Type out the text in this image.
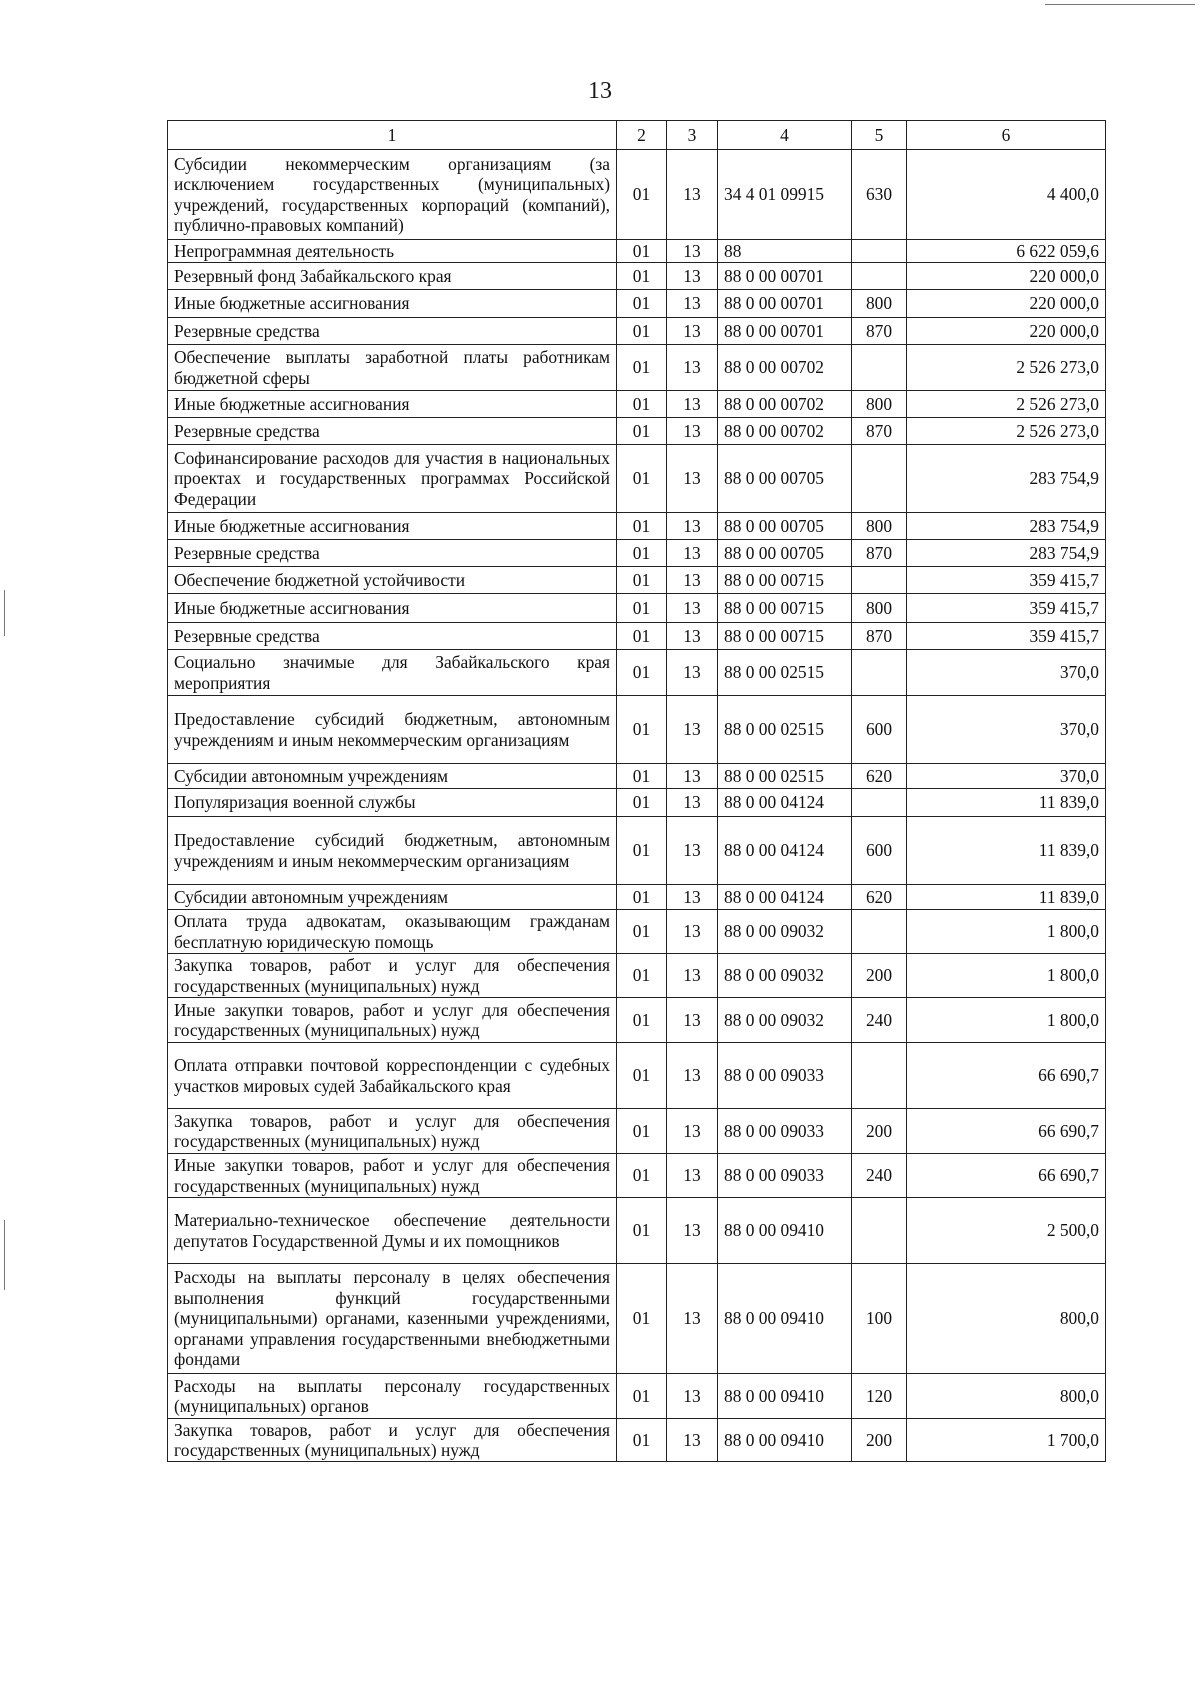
13
1	2	3	4	5	6
Субсидии некоммерческим организациям (за исключением государственных (муниципальных) учреждений, государственных корпораций (компаний), публично-правовых компаний)	01	13	34 4 01 09915	630	4 400,0
Непрограммная деятельность	01	13	88		6 622 059,6
Резервный фонд Забайкальского края	01	13	88 0 00 00701		220 000,0
Иные бюджетные ассигнования	01	13	88 0 00 00701	800	220 000,0
Резервные средства	01	13	88 0 00 00701	870	220 000,0
Обеспечение выплаты заработной платы работникам бюджетной сферы	01	13	88 0 00 00702		2 526 273,0
Иные бюджетные ассигнования	01	13	88 0 00 00702	800	2 526 273,0
Резервные средства	01	13	88 0 00 00702	870	2 526 273,0
Софинансирование расходов для участия в национальных проектах и государственных программах Российской Федерации	01	13	88 0 00 00705		283 754,9
Иные бюджетные ассигнования	01	13	88 0 00 00705	800	283 754,9
Резервные средства	01	13	88 0 00 00705	870	283 754,9
Обеспечение бюджетной устойчивости	01	13	88 0 00 00715		359 415,7
Иные бюджетные ассигнования	01	13	88 0 00 00715	800	359 415,7
Резервные средства	01	13	88 0 00 00715	870	359 415,7
Социально значимые для Забайкальского края мероприятия	01	13	88 0 00 02515		370,0
Предоставление субсидий бюджетным, автономным учреждениям и иным некоммерческим организациям	01	13	88 0 00 02515	600	370,0
Субсидии автономным учреждениям	01	13	88 0 00 02515	620	370,0
Популяризация военной службы	01	13	88 0 00 04124		11 839,0
Предоставление субсидий бюджетным, автономным учреждениям и иным некоммерческим организациям	01	13	88 0 00 04124	600	11 839,0
Субсидии автономным учреждениям	01	13	88 0 00 04124	620	11 839,0
Оплата труда адвокатам, оказывающим гражданам бесплатную юридическую помощь	01	13	88 0 00 09032		1 800,0
Закупка товаров, работ и услуг для обеспечения государственных (муниципальных) нужд	01	13	88 0 00 09032	200	1 800,0
Иные закупки товаров, работ и услуг для обеспечения государственных (муниципальных) нужд	01	13	88 0 00 09032	240	1 800,0
Оплата отправки почтовой корреспонденции с судебных участков мировых судей Забайкальского края	01	13	88 0 00 09033		66 690,7
Закупка товаров, работ и услуг для обеспечения государственных (муниципальных) нужд	01	13	88 0 00 09033	200	66 690,7
Иные закупки товаров, работ и услуг для обеспечения государственных (муниципальных) нужд	01	13	88 0 00 09033	240	66 690,7
Материально-техническое обеспечение деятельности депутатов Государственной Думы и их помощников	01	13	88 0 00 09410		2 500,0
Расходы на выплаты персоналу в целях обеспечения выполнения функций государственными (муниципальными) органами, казенными учреждениями, органами управления государственными внебюджетными фондами	01	13	88 0 00 09410	100	800,0
Расходы на выплаты персоналу государственных (муниципальных) органов	01	13	88 0 00 09410	120	800,0
Закупка товаров, работ и услуг для обеспечения государственных (муниципальных) нужд	01	13	88 0 00 09410	200	1 700,0
